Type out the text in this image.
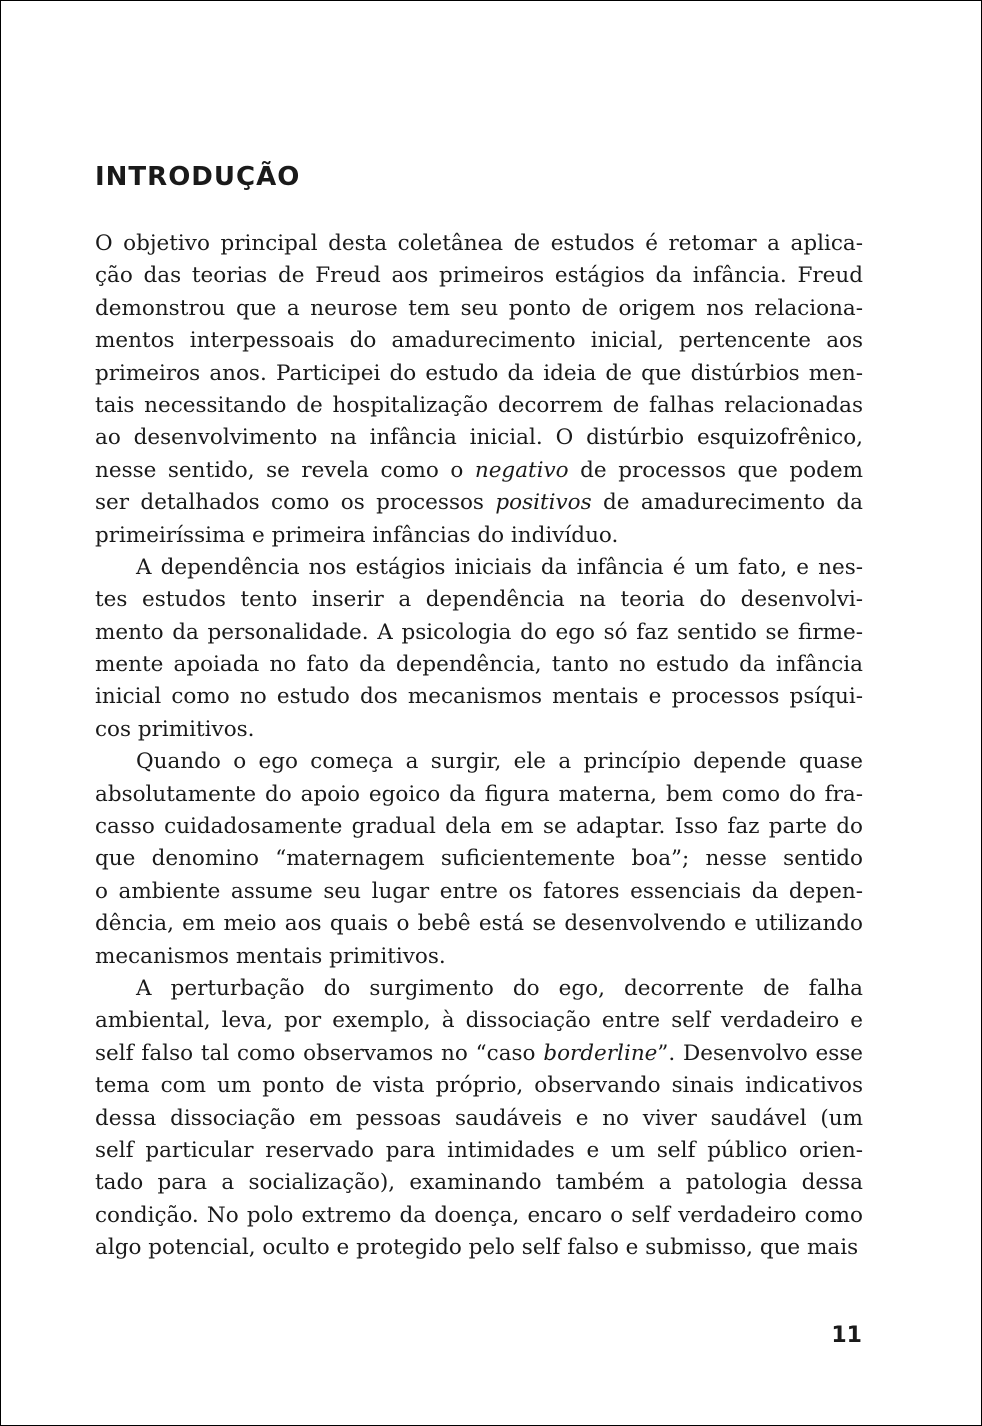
INTRODUÇÃO
O objetivo principal desta coletânea de estudos é retomar a aplica-
ção das teorias de Freud aos primeiros estágios da infância. Freud
demonstrou que a neurose tem seu ponto de origem nos relaciona-
mentos interpessoais do amadurecimento inicial, pertencente aos
primeiros anos. Participei do estudo da ideia de que distúrbios men-
tais necessitando de hospitalização decorrem de falhas relacionadas
ao desenvolvimento na infância inicial. O distúrbio esquizofrênico,
nesse sentido, se revela como o negativo de processos que podem
ser detalhados como os processos positivos de amadurecimento da
primeiríssima e primeira infâncias do indivíduo.
A dependência nos estágios iniciais da infância é um fato, e nes-
tes estudos tento inserir a dependência na teoria do desenvolvi-
mento da personalidade. A psicologia do ego só faz sentido se firme-
mente apoiada no fato da dependência, tanto no estudo da infância
inicial como no estudo dos mecanismos mentais e processos psíqui-
cos primitivos.
Quando o ego começa a surgir, ele a princípio depende quase
absolutamente do apoio egoico da figura materna, bem como do fra-
casso cuidadosamente gradual dela em se adaptar. Isso faz parte do
que denomino “maternagem suficientemente boa”; nesse sentido
o ambiente assume seu lugar entre os fatores essenciais da depen-
dência, em meio aos quais o bebê está se desenvolvendo e utilizando
mecanismos mentais primitivos.
A perturbação do surgimento do ego, decorrente de falha
ambiental, leva, por exemplo, à dissociação entre self verdadeiro e
self falso tal como observamos no “caso borderline”. Desenvolvo esse
tema com um ponto de vista próprio, observando sinais indicativos
dessa dissociação em pessoas saudáveis e no viver saudável (um
self particular reservado para intimidades e um self público orien-
tado para a socialização), examinando também a patologia dessa
condição. No polo extremo da doença, encaro o self verdadeiro como
algo potencial, oculto e protegido pelo self falso e submisso, que mais
11
